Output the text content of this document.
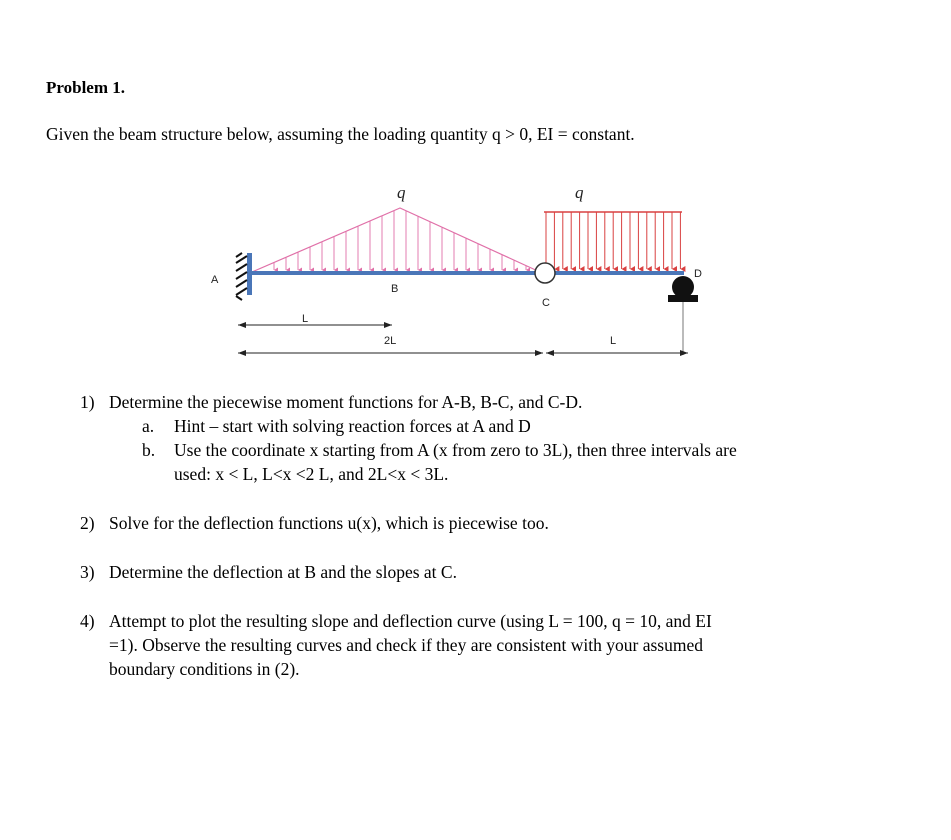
Problem 1.
Given the beam structure below, assuming the loading quantity q > 0, EI = constant.
q	q
A
B
C
D
L
2L	L
1) Determine the piecewise moment functions for A-B, B-C, and C-D.
a. Hint – start with solving reaction forces at A and D
b. Use the coordinate x starting from A (x from zero to 3L), then three intervals are
used: x < L, L<x <2 L, and 2L<x < 3L.
2) Solve for the deflection functions u(x), which is piecewise too.
3) Determine the deflection at B and the slopes at C.
4) Attempt to plot the resulting slope and deflection curve (using L = 100, q = 10, and EI
=1). Observe the resulting curves and check if they are consistent with your assumed
boundary conditions in (2).
